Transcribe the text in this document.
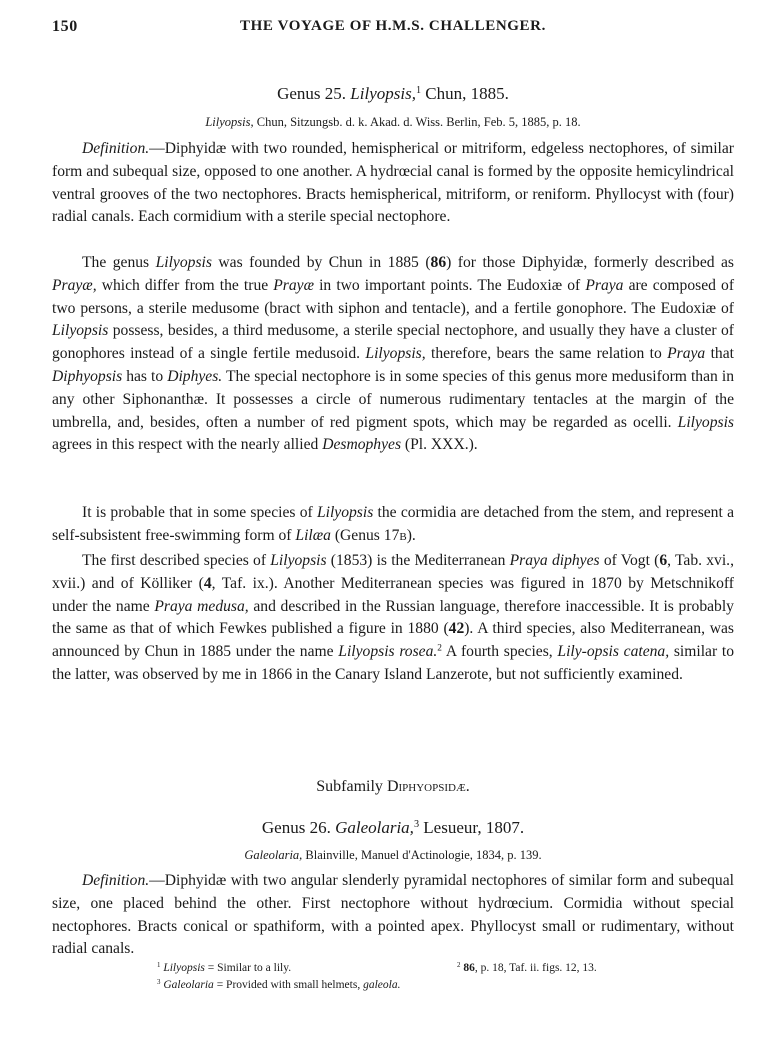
150	THE VOYAGE OF H.M.S. CHALLENGER.
Genus 25. Lilyopsis,$^1$ Chun, 1885.
Lilyopsis, Chun, Sitzungsb. d. k. Akad. d. Wiss. Berlin, Feb. 5, 1885, p. 18.
Definition.—Diphyidæ with two rounded, hemispherical or mitriform, edgeless nectophores, of similar form and subequal size, opposed to one another. A hydrœcial canal is formed by the opposite hemicylindrical ventral grooves of the two nectophores. Bracts hemispherical, mitriform, or reniform. Phyllocyst with (four) radial canals. Each cormidium with a sterile special nectophore.
The genus Lilyopsis was founded by Chun in 1885 (86) for those Diphyidæ, formerly described as Prayæ, which differ from the true Prayæ in two important points. The Eudoxiæ of Praya are composed of two persons, a sterile medusome (bract with siphon and tentacle), and a fertile gonophore. The Eudoxiæ of Lilyopsis possess, besides, a third medusome, a sterile special nectophore, and usually they have a cluster of gonophores instead of a single fertile medusoid. Lilyopsis, therefore, bears the same relation to Praya that Diphyopsis has to Diphyes. The special nectophore is in some species of this genus more medusiform than in any other Siphonanthæ. It possesses a circle of numerous rudimentary tentacles at the margin of the umbrella, and, besides, often a number of red pigment spots, which may be regarded as ocelli. Lilyopsis agrees in this respect with the nearly allied Desmophyes (Pl. XXX.).
It is probable that in some species of Lilyopsis the cormidia are detached from the stem, and represent a self-subsistent free-swimming form of Lilæa (Genus 17b).
The first described species of Lilyopsis (1853) is the Mediterranean Praya diphyes of Vogt (6, Tab. xvi., xvii.) and of Kölliker (4, Taf. ix.). Another Mediterranean species was figured in 1870 by Metschnikoff under the name Praya medusa, and described in the Russian language, therefore inaccessible. It is probably the same as that of which Fewkes published a figure in 1880 (42). A third species, also Mediterranean, was announced by Chun in 1885 under the name Lilyopsis rosea.$^2$ A fourth species, Lily-opsis catena, similar to the latter, was observed by me in 1866 in the Canary Island Lanzerote, but not sufficiently examined.
Subfamily Diphyopsidæ.
Genus 26. Galeolaria,$^3$ Lesueur, 1807.
Galeolaria, Blainville, Manuel d'Actinologie, 1834, p. 139.
Definition.—Diphyidæ with two angular slenderly pyramidal nectophores of similar form and subequal size, one placed behind the other. First nectophore without hydrœcium. Cormidia without special nectophores. Bracts conical or spathiform, with a pointed apex. Phyllocyst small or rudimentary, without radial canals.
$^1$ Lilyopsis = Similar to a lily.	$^2$ 86, p. 18, Taf. ii. figs. 12, 13.
$^3$ Galeolaria = Provided with small helmets, galeola.
